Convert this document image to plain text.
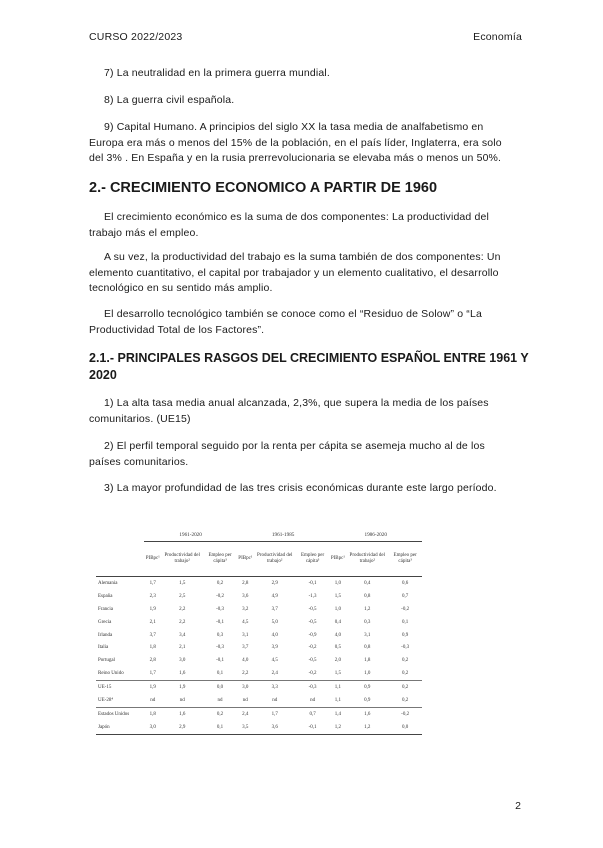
CURSO 2022/2023	Economía

7) La neutralidad en la primera guerra mundial.

8) La guerra civil española.

9) Capital Humano. A principios del siglo XX la tasa media de analfabetismo en Europa era más o menos del 15% de la población, en el país líder, Inglaterra, era solo del 3% . En España y en la rusia prerrevolucionaria se elevaba más o menos un 50%.

2.- CRECIMIENTO ECONOMICO A PARTIR DE 1960

El crecimiento económico es la suma de dos componentes: La productividad del trabajo más el empleo.

A su vez, la productividad del trabajo es la suma también de dos componentes: Un elemento cuantitativo, el capital por trabajador y un elemento cualitativo, el desarrollo tecnológico en su sentido más amplio.

El desarrollo tecnológico también se conoce como el “Residuo de Solow” o “La Productividad Total de los Factores”.

2.1.- PRINCIPALES RASGOS DEL CRECIMIENTO ESPAÑOL ENTRE 1961 Y 2020

1) La alta tasa media anual alcanzada, 2,3%, que supera la media de los países comunitarios. (UE15)

2) El perfil temporal seguido por la renta per cápita se asemeja mucho al de los países comunitarios.

3) La mayor profundidad de las tres crisis económicas durante este largo período.

	1961-2020			1961-1985			1986-2020		
	PIBpc¹	Productividad del trabajo²	Empleo per cápita³	PIBpc¹	Productividad del trabajo²	Empleo per cápita³	PIBpc¹	Productividad del trabajo²	Empleo per cápita³
Alemania	1,7	1,5	0,2	2,8	2,9	-0,1	1,0	0,4	0,6
España	2,3	2,5	-0,2	3,6	4,9	-1,3	1,5	0,8	0,7
Francia	1,9	2,2	-0,3	3,2	3,7	-0,5	1,0	1,2	-0,2
Grecia	2,1	2,2	-0,1	4,5	5,0	-0,5	0,4	0,3	0,1
Irlanda	3,7	3,4	0,3	3,1	4,0	-0,9	4,0	3,1	0,9
Italia	1,8	2,1	-0,3	3,7	3,9	-0,2	0,5	0,8	-0,3
Portugal	2,8	3,0	-0,1	4,0	4,5	-0,5	2,0	1,8	0,2
Reino Unido	1,7	1,6	0,1	2,2	2,4	-0,2	1,5	1,0	0,2
UE-15	1,9	1,9	0,0	3,0	3,3	-0,3	1,1	0,9	0,2
UE-28⁴	nd	nd	nd	nd	nd	nd	1,1	0,9	0,2
Estados Unidos	1,8	1,6	0,2	2,4	1,7	0,7	1,4	1,6	-0,2
Japón	3,0	2,9	0,1	3,5	3,6	-0,1	1,2	1,2	0,0
2
